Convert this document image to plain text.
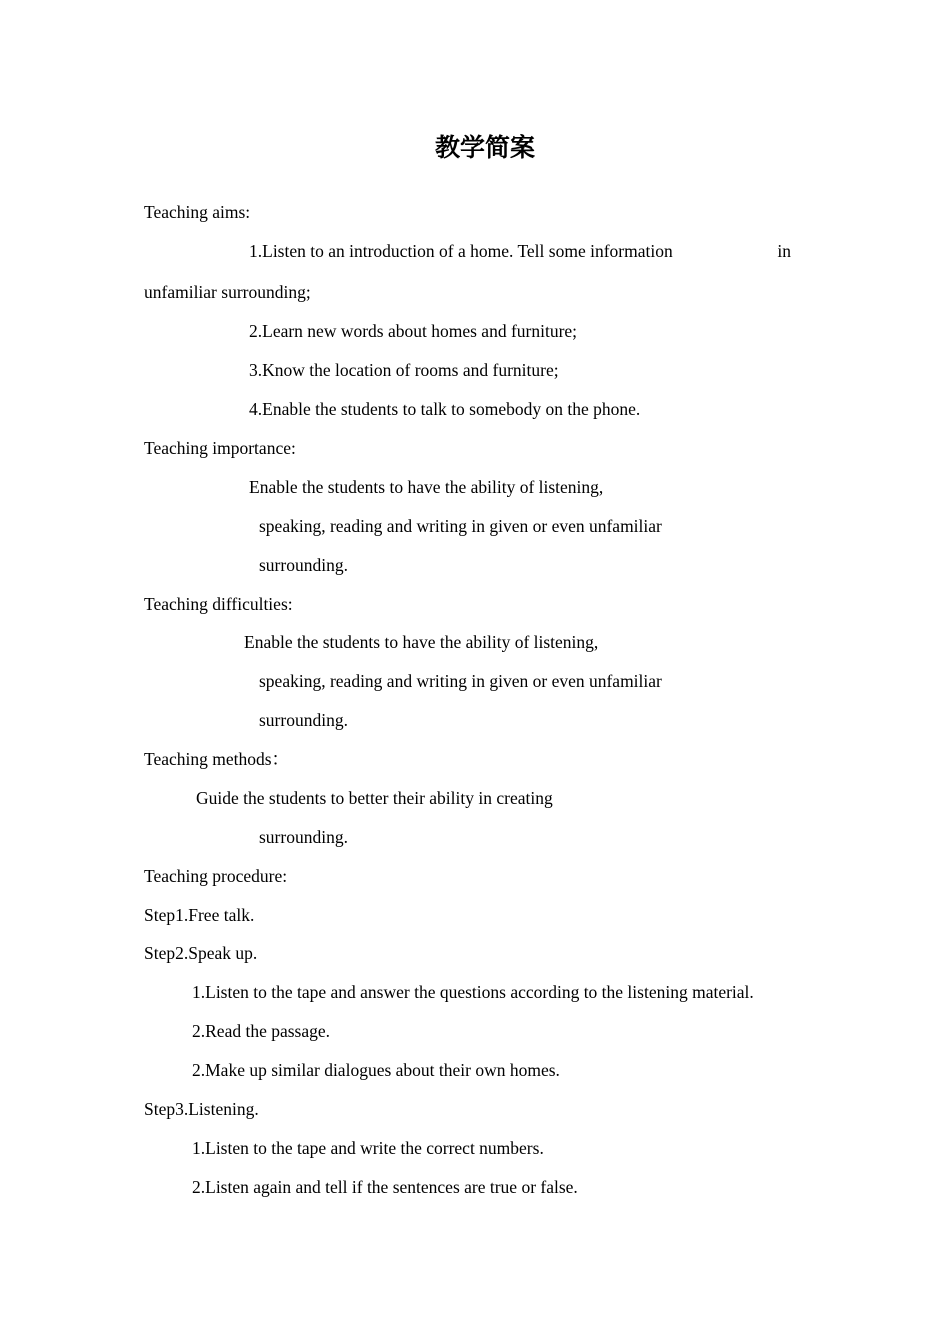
教学简案
Teaching aims:
1.Listen to an introduction of a home. Tell some information	in
unfamiliar surrounding;
2.Learn new words about homes and furniture;
3.Know the location of rooms and furniture;
4.Enable the students to talk to somebody on the phone.
Teaching importance:
Enable the students to have the ability of listening,
speaking, reading and writing in given or even unfamiliar
surrounding.
Teaching difficulties:
Enable the students to have the ability of listening,
speaking, reading and writing in given or even unfamiliar
surrounding.
Teaching methods：
Guide the students to better their ability in creating
surrounding.
Teaching procedure:
Step1.Free talk.
Step2.Speak up.
1.Listen to the tape and answer the questions according to the listening material.
2.Read the passage.
2.Make up similar dialogues about their own homes.
Step3.Listening.
1.Listen to the tape and write the correct numbers.
2.Listen again and tell if the sentences are true or false.
